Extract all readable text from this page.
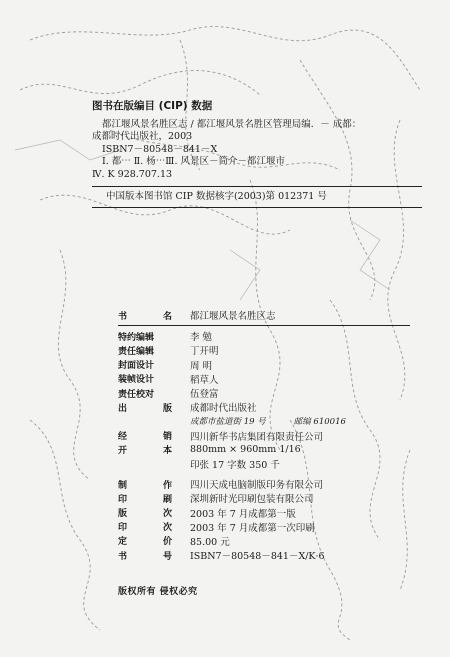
图书在版编目 (CIP) 数据
都江堰风景名胜区志 / 都江堰风景名胜区管理局编．－ 成都：
成都时代出版社，2003
ISBN7－80548－841－X
Ⅰ. 都⋯ Ⅱ. 杨⋯Ⅲ. 风景区－简介－都江堰市
Ⅳ. K 928.707.13
中国版本图书馆 CIP 数据核字(2003)第 012371 号
书	名	都江堰风景名胜区志
特约编辑	李 勉
责任编辑	丁开明
封面设计	周 明
装帧设计	稻草人
责任校对	伍登富
出	版	成都时代出版社
成都市盐道街 19 号	邮编 610016
经	销	四川新华书店集团有限责任公司
开	本	880mm × 960mm 1/16
印张 17 字数 350 千
制	作	四川天成电脑制版印务有限公司
印	刷	深圳新时光印刷包装有限公司
版	次	2003 年 7 月成都第一版
印	次	2003 年 7 月成都第一次印刷
定	价	85.00 元
书	号	ISBN7－80548－841－X/K·6
版权所有 侵权必究
